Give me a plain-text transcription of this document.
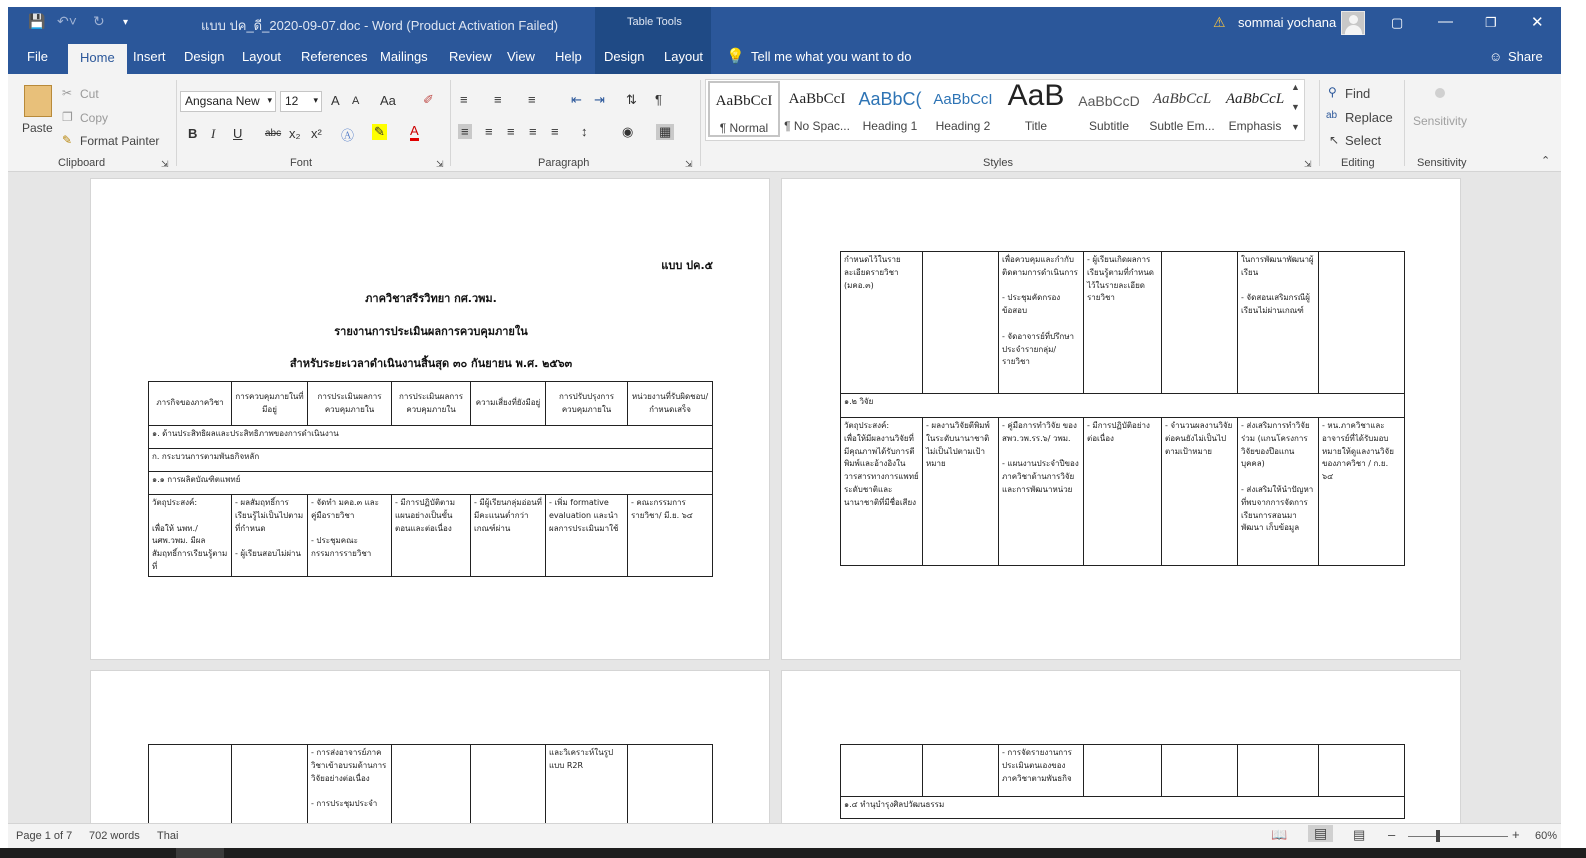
💾 ↶˅ ↻ ▾	แบบ ปค_ดี_2020-09-07.doc - Word (Product Activation Failed)	Table Tools	⚠ sommai yochana	▢ — ❐ ✕
File	Home	Insert Design Layout References Mailings Review View Help Design Layout 💡 Tell me what you want to do	☺ Share
Paste
✂ Cut
❐ Copy
✎ Format Painter
Clipboard	⇲
Angsana New ▾	12 ▾ A A Aa ✐
B I U abc x₂ x² Ⓐ ✎ A
Font	⇲
≡ ≡ ≡	⇤ ⇥ ⇅ ¶
≡ ≡ ≡ ≡ ≡ ↕	◉ ▦
Paragraph	⇲
AaBbCcI
¶ Normal
AaBbCcI
¶ No Spac...
AaBbC(
Heading 1
AaBbCcI
Heading 2
AaB
Title
AaBbCcD
Subtitle
AaBbCcL
Subtle Em...
AaBbCcL
Emphasis
▲
▼
▼
Styles	⇲
⚲ Find
ab Replace
↖ Select
Editing
Sensitivity
Sensitivity	⌃
แบบ ปค.๕
ภาควิชาสรีรวิทยา กศ.วพม.
รายงานการประเมินผลการควบคุมภายใน
สำหรับระยะเวลาดำเนินงานสิ้นสุด ๓๐ กันยายน พ.ศ. ๒๕๖๓
ภารกิจของภาควิชา	การควบคุมภายในที่มีอยู่	การประเมินผลการควบคุมภายใน	การประเมินผลการควบคุมภายใน	ความเสี่ยงที่ยังมีอยู่	การปรับปรุงการควบคุมภายใน	หน่วยงานที่รับผิดชอบ/กำหนดเสร็จ
๑. ด้านประสิทธิผลและประสิทธิภาพของการดำเนินงาน						
ก. กระบวนการตามพันธกิจหลัก						
๑.๑ การผลิตบัณฑิตแพทย์						
วัตถุประสงค์:

เพื่อให้ นพท./นศพ.วพม. มีผลสัมฤทธิ์การเรียนรู้ตามที่	- ผลสัมฤทธิ์การเรียนรู้ไม่เป็นไปตามที่กำหนด

- ผู้เรียนสอบไม่ผ่าน	- จัดทำ มคอ.๓ และคู่มือรายวิชา

- ประชุมคณะกรรมการรายวิชา	- มีการปฏิบัติตามแผนอย่างเป็นขั้นตอนและต่อเนื่อง	- มีผู้เรียนกลุ่มอ่อนที่มีคะแนนต่ำกว่าเกณฑ์ผ่าน	- เพิ่ม formative evaluation และนำผลการประเมินมาใช้	- คณะกรรมการรายวิชา/ มี.ย. ๖๔
กำหนดไว้ในรายละเอียดรายวิชา (มคอ.๓)		เพื่อควบคุมและกำกับติดตามการดำเนินการ

- ประชุมคัดกรองข้อสอบ

- จัดอาจารย์ที่ปรึกษาประจำรายกลุ่ม/รายวิชา	- ผู้เรียนเกิดผลการเรียนรู้ตามที่กำหนดไว้ในรายละเอียดรายวิชา		ในการพัฒนาพัฒนาผู้เรียน

- จัดสอนเสริมกรณีผู้เรียนไม่ผ่านเกณฑ์	
๑.๒ วิจัย						
วัตถุประสงค์:
เพื่อให้มีผลงานวิจัยที่มีคุณภาพได้รับการตีพิมพ์และอ้างอิงในวารสารทางการแพทย์ระดับชาติและนานาชาติที่มีชื่อเสียง	- ผลงานวิจัยตีพิมพ์ในระดับนานาชาติไม่เป็นไปตามเป้าหมาย	- คู่มือการทำวิจัย ของ สพว.วพ.รร.๖/ วพม.

- แผนงานประจำปีของภาควิชาด้านการวิจัยและการพัฒนาหน่วย	- มีการปฏิบัติอย่างต่อเนื่อง	- จำนวนผลงานวิจัยต่อคนยังไม่เป็นไปตามเป้าหมาย	- ส่งเสริมการทำวิจัยร่วม (แกนโครงการวิจัยของป๊อแกนบุคคล)

- ส่งเสริมให้นำปัญหาที่พบจากการจัดการเรียนการสอนมาพัฒนา เก็บข้อมูล	- หน.ภาควิชาและอาจารย์ที่ได้รับมอบหมายให้ดูแลงานวิจัยของภาควิชา / ก.ย. ๖๔
		- การส่งอาจารย์ภาควิชาเข้าอบรมด้านการวิจัยอย่างต่อเนื่อง

- การประชุมประจำ			และวิเคราะห์ในรูปแบบ R2R	
		- การจัดรายงานการประเมินตนเองของภาควิชาตามพันธกิจ				
๑.๔ ทำนุบำรุงศิลปวัฒนธรรม
Page 1 of 7 702 words Thai	📖	▤	▤ –	+ 60%
